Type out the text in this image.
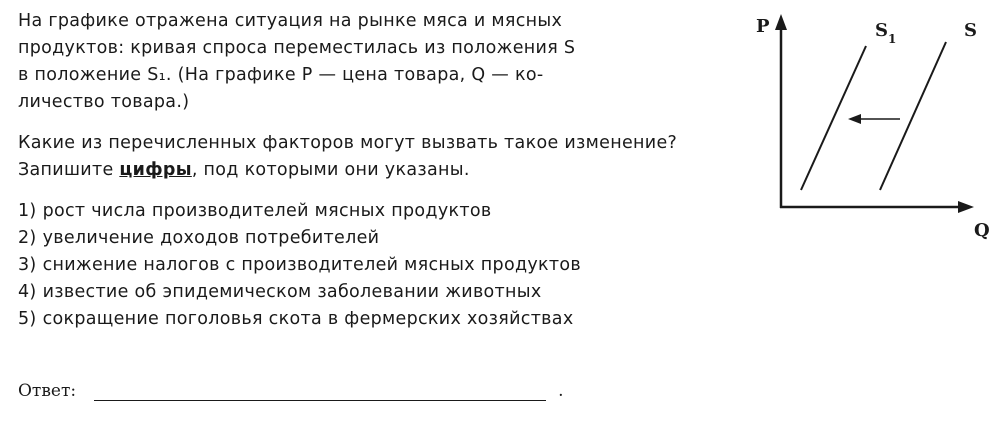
На графике отражена ситуация на рынке мяса и мясных

продуктов: кривая спроса переместилась из положения S

в положение S₁. (На графике P — цена товара, Q — ко-

личество товара.)

Какие из перечисленных факторов могут вызвать такое изменение? Запишите цифры, под которыми они указаны.

1) рост числа производителей мясных продуктов
2) увеличение доходов потребителей
3) снижение налогов с производителей мясных продуктов
4) известие об эпидемическом заболевании животных
5) сокращение поголовья скота в фермерских хозяйствах
Ответ:	.
P
Q
$S_1$	S
